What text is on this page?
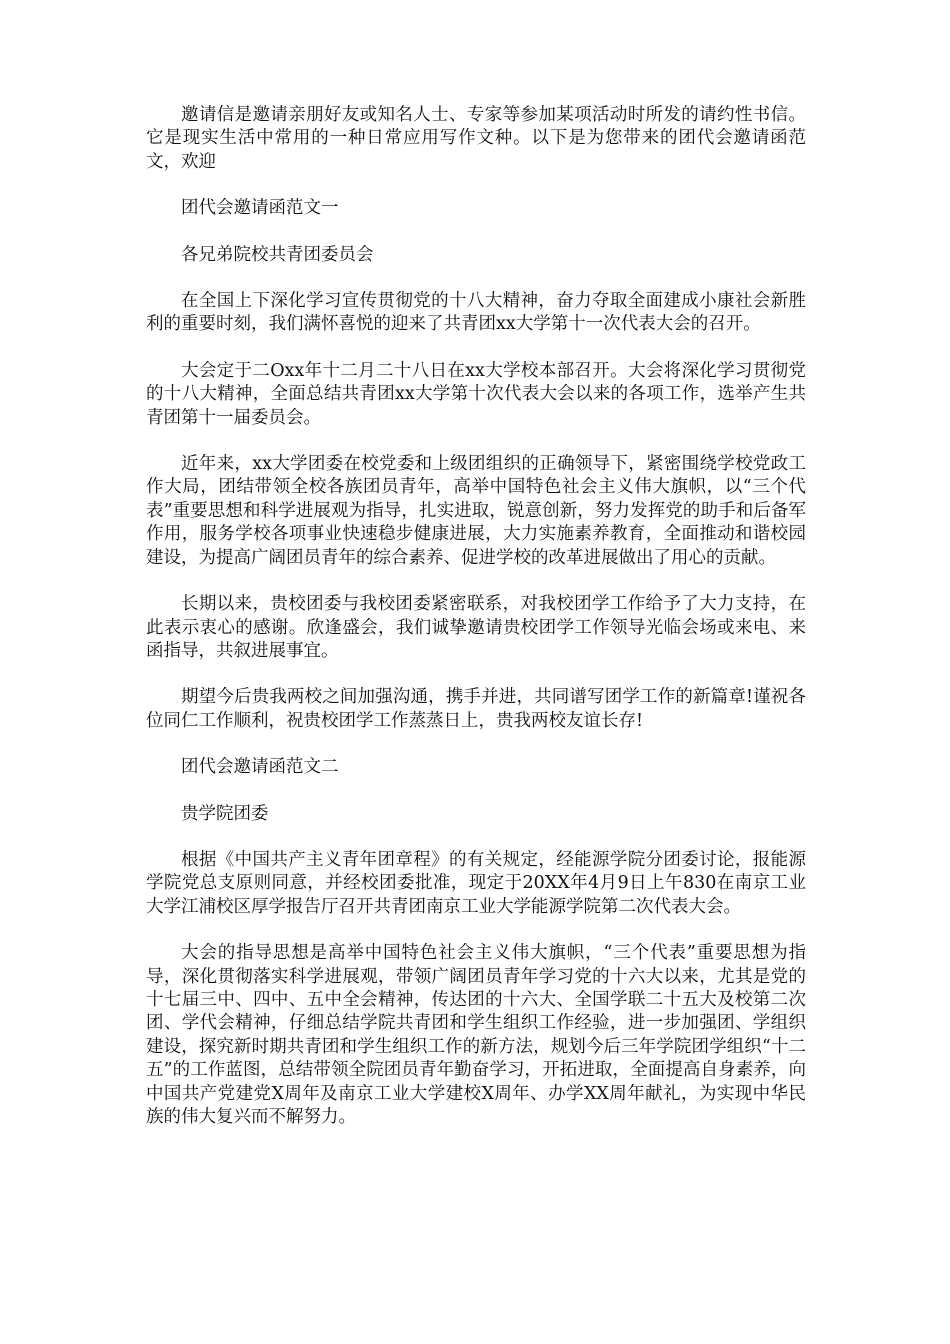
邀请信是邀请亲朋好友或知名人士、专家等参加某项活动时所发的请约性书信。它是现实生活中常用的一种日常应用写作文种。以下是为您带来的团代会邀请函范文，欢迎

团代会邀请函范文一

各兄弟院校共青团委员会

在全国上下深化学习宣传贯彻党的十八大精神，奋力夺取全面建成小康社会新胜利的重要时刻，我们满怀喜悦的迎来了共青团xx大学第十一次代表大会的召开。

大会定于二Oxx年十二月二十八日在xx大学校本部召开。大会将深化学习贯彻党的十八大精神，全面总结共青团xx大学第十次代表大会以来的各项工作，选举产生共青团第十一届委员会。

近年来，xx大学团委在校党委和上级团组织的正确领导下，紧密围绕学校党政工作大局，团结带领全校各族团员青年，高举中国特色社会主义伟大旗帜，以“三个代表”重要思想和科学进展观为指导，扎实进取，锐意创新，努力发挥党的助手和后备军作用，服务学校各项事业快速稳步健康进展，大力实施素养教育，全面推动和谐校园建设，为提高广阔团员青年的综合素养、促进学校的改革进展做出了用心的贡献。

长期以来，贵校团委与我校团委紧密联系，对我校团学工作给予了大力支持，在此表示衷心的感谢。欣逢盛会，我们诚挚邀请贵校团学工作领导光临会场或来电、来函指导，共叙进展事宜。

期望今后贵我两校之间加强沟通，携手并进，共同谱写团学工作的新篇章!谨祝各位同仁工作顺利，祝贵校团学工作蒸蒸日上，贵我两校友谊长存!

团代会邀请函范文二

贵学院团委

根据《中国共产主义青年团章程》的有关规定，经能源学院分团委讨论，报能源学院党总支原则同意，并经校团委批准，现定于20XX年4月9日上午830在南京工业大学江浦校区厚学报告厅召开共青团南京工业大学能源学院第二次代表大会。

大会的指导思想是高举中国特色社会主义伟大旗帜，“三个代表”重要思想为指导，深化贯彻落实科学进展观，带领广阔团员青年学习党的十六大以来，尤其是党的十七届三中、四中、五中全会精神，传达团的十六大、全国学联二十五大及校第二次团、学代会精神，仔细总结学院共青团和学生组织工作经验，进一步加强团、学组织建设，探究新时期共青团和学生组织工作的新方法，规划今后三年学院团学组织“十二五”的工作蓝图，总结带领全院团员青年勤奋学习，开拓进取，全面提高自身素养，向中国共产党建党X周年及南京工业大学建校X周年、办学XX周年献礼，为实现中华民族的伟大复兴而不解努力。
